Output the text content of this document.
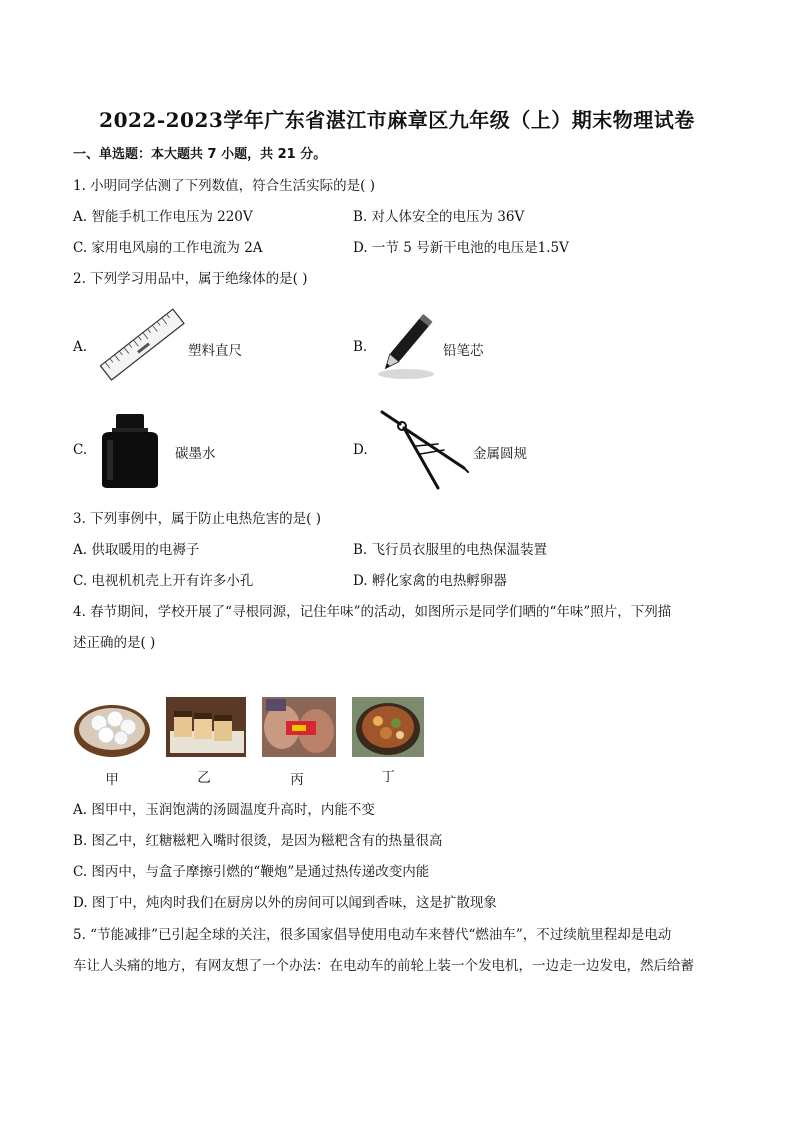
2022-2023学年广东省湛江市麻章区九年级（上）期末物理试卷
一、单选题：本大题共 7 小题，共 21 分。
1. 小明同学估测了下列数值，符合生活实际的是( )
A. 智能手机工作电压为 220V	B. 对人体安全的电压为 36V
C. 家用电风扇的工作电流为 2A	D. 一节 5 号新干电池的电压是1.5V
2. 下列学习用品中，属于绝缘体的是( )
A.	塑料直尺	B.	铅笔芯
C.	碳墨水	D.	金属圆规
3. 下列事例中，属于防止电热危害的是( )
A. 供取暖用的电褥子	B. 飞行员衣服里的电热保温装置
C. 电视机机壳上开有许多小孔	D. 孵化家禽的电热孵卵器
4. 春节期间，学校开展了“寻根同源，记住年味”的活动，如图所示是同学们晒的“年味”照片，下列描
述正确的是( )
甲	乙	丙	丁
A. 图甲中，玉润饱满的汤圆温度升高时，内能不变
B. 图乙中，红糖糍粑入嘴时很烫，是因为糍粑含有的热量很高
C. 图丙中，与盒子摩擦引燃的“鞭炮”是通过热传递改变内能
D. 图丁中，炖肉时我们在厨房以外的房间可以闻到香味，这是扩散现象
5. “节能减排”已引起全球的关注，很多国家倡导使用电动车来替代“燃油车”，不过续航里程却是电动
车让人头痛的地方，有网友想了一个办法：在电动车的前轮上装一个发电机，一边走一边发电，然后给蓄
